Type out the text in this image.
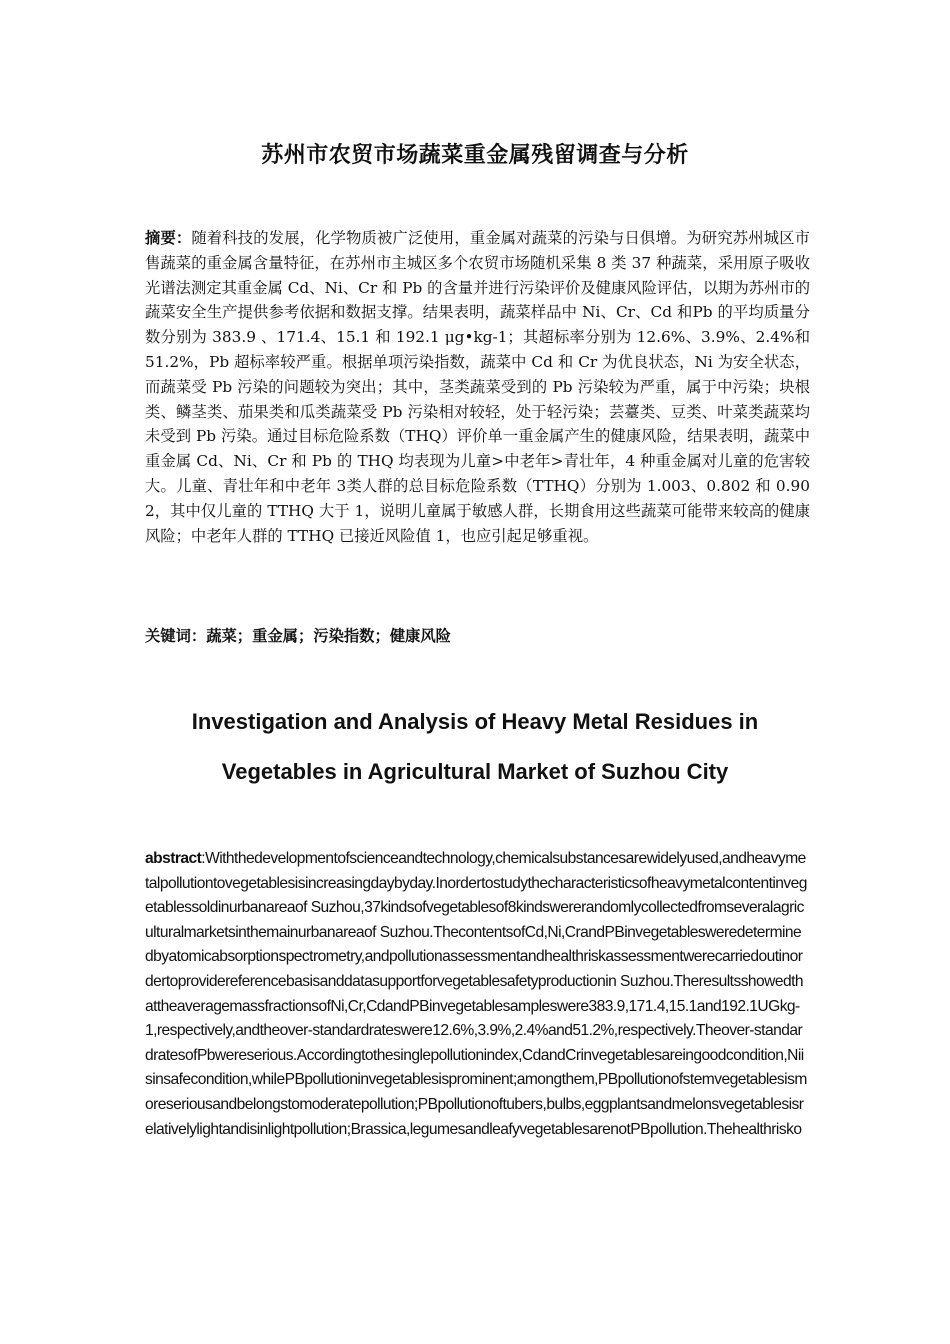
苏州市农贸市场蔬菜重金属残留调查与分析
摘要：随着科技的发展，化学物质被广泛使用，重金属对蔬菜的污染与日俱增。为研究苏州城区市售蔬菜的重金属含量特征，在苏州市主城区多个农贸市场随机采集 8 类 37 种蔬菜，采用原子吸收光谱法测定其重金属 Cd、Ni、Cr 和 Pb 的含量并进行污染评价及健康风险评估，以期为苏州市的蔬菜安全生产提供参考依据和数据支撑。结果表明，蔬菜样品中 Ni、Cr、Cd 和Pb 的平均质量分数分别为 383.9 、171.4、15.1 和 192.1 μg•kg-1；其超标率分别为 12.6%、3.9%、2.4%和 51.2%，Pb 超标率较严重。根据单项污染指数，蔬菜中 Cd 和 Cr 为优良状态，Ni 为安全状态，而蔬菜受 Pb 污染的问题较为突出；其中，茎类蔬菜受到的 Pb 污染较为严重，属于中污染；块根类、鳞茎类、茄果类和瓜类蔬菜受 Pb 污染相对较轻，处于轻污染；芸薹类、豆类、叶菜类蔬菜均未受到 Pb 污染。通过目标危险系数（THQ）评价单一重金属产生的健康风险，结果表明，蔬菜中重金属 Cd、Ni、Cr 和 Pb 的 THQ 均表现为儿童>中老年>青壮年，4 种重金属对儿童的危害较大。儿童、青壮年和中老年 3类人群的总目标危险系数（TTHQ）分别为 1.003、0.802 和 0.902，其中仅儿童的 TTHQ 大于 1，说明儿童属于敏感人群，长期食用这些蔬菜可能带来较高的健康风险；中老年人群的 TTHQ 已接近风险值 1，也应引起足够重视。
关键词：蔬菜；重金属；污染指数；健康风险
Investigation and Analysis of Heavy Metal Residues in
Vegetables in Agricultural Market of Suzhou City
abstract:Withthedevelopmentofscienceandtechnology,chemicalsubstancesarewidelyused,andheavymetalpollutiontovegetablesisincreasingdaybyday.Inordertostudythecharacteristicsofheavymetalcontentinvegetablessoldinurbanareaof Suzhou,37kindsofvegetablesof8kindswererandomlycollectedfromseveralagriculturalmarketsinthemainurbanareaof Suzhou.ThecontentsofCd,Ni,CrandPBinvegetablesweredeterminedbyatomicabsorptionspectrometry,andpollutionassessmentandhealthriskassessmentwerecarriedoutinordertoprovidereferencebasisanddatasupportforvegetablesafetyproductionin Suzhou.TheresultsshowedthattheaveragemassfractionsofNi,Cr,CdandPBinvegetablesampleswere383.9,171.4,15.1and192.1UGkg-1,respectively,andtheover-standardrateswere12.6%,3.9%,2.4%and51.2%,respectively.Theover-standardratesofPbwereserious.Accordingtothesinglepollutionindex,CdandCrinvegetablesareingoodcondition,Niisinsafecondition,whilePBpollutioninvegetablesisprominent;amongthem,PBpollutionofstemvegetablesismoreseriousandbelongstomoderatepollution;PBpollutionoftubers,bulbs,eggplantsandmelonsvegetablesisrelativelylightandisinlightpollution;Brassica,legumesandleafyvegetablesarenotPBpollution.Thehealthrisko
